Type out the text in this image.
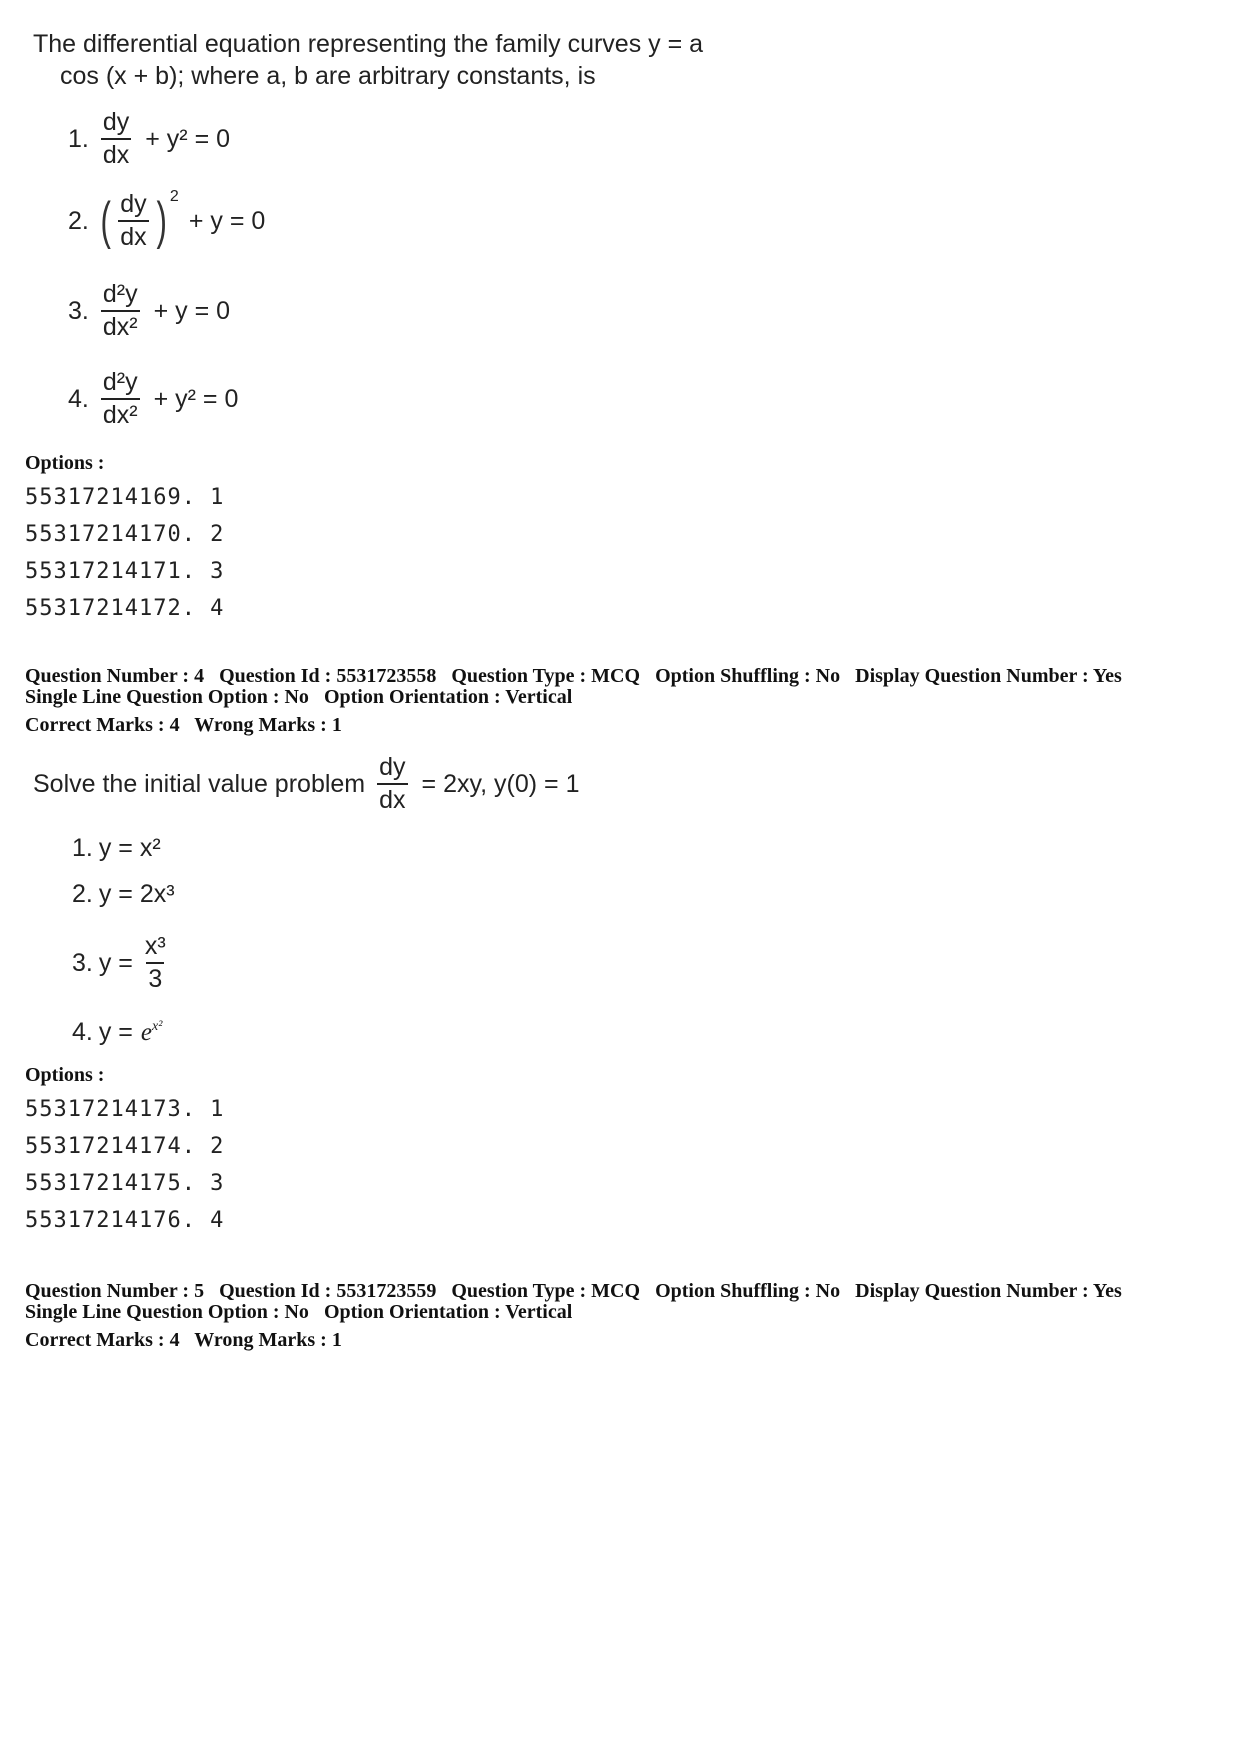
The differential equation representing the family curves y = a
cos (x + b); where a, b are arbitrary constants, is
1. $\frac{dy}{dx} + y^2 = 0$
2. ( $\frac{dy}{dx}$ ) 2
+ y = 0
3. $\frac{\text{d²y}}{\text{dx²}} + y = 0$
4. $\frac{\text{d²y}}{\text{dx²}} + y^2 = 0$
Options :
55317214169. 1
55317214170. 2
55317214171. 3
55317214172. 4
Question Number : 4 Question Id : 5531723558 Question Type : MCQ Option Shuffling : No Display Question Number : Yes
Single Line Question Option : No Option Orientation : Vertical
Correct Marks : 4 Wrong Marks : 1
Solve the initial value problem $\frac{dy}{dx} = 2xy$, y(0) = 1
1. y = x²
2. y = 2x³
3. $y = \frac{\text{x³}}{3}$
4. y = e x²
Options :
55317214173. 1
55317214174. 2
55317214175. 3
55317214176. 4
Question Number : 5 Question Id : 5531723559 Question Type : MCQ Option Shuffling : No Display Question Number : Yes
Single Line Question Option : No Option Orientation : Vertical
Correct Marks : 4 Wrong Marks : 1
